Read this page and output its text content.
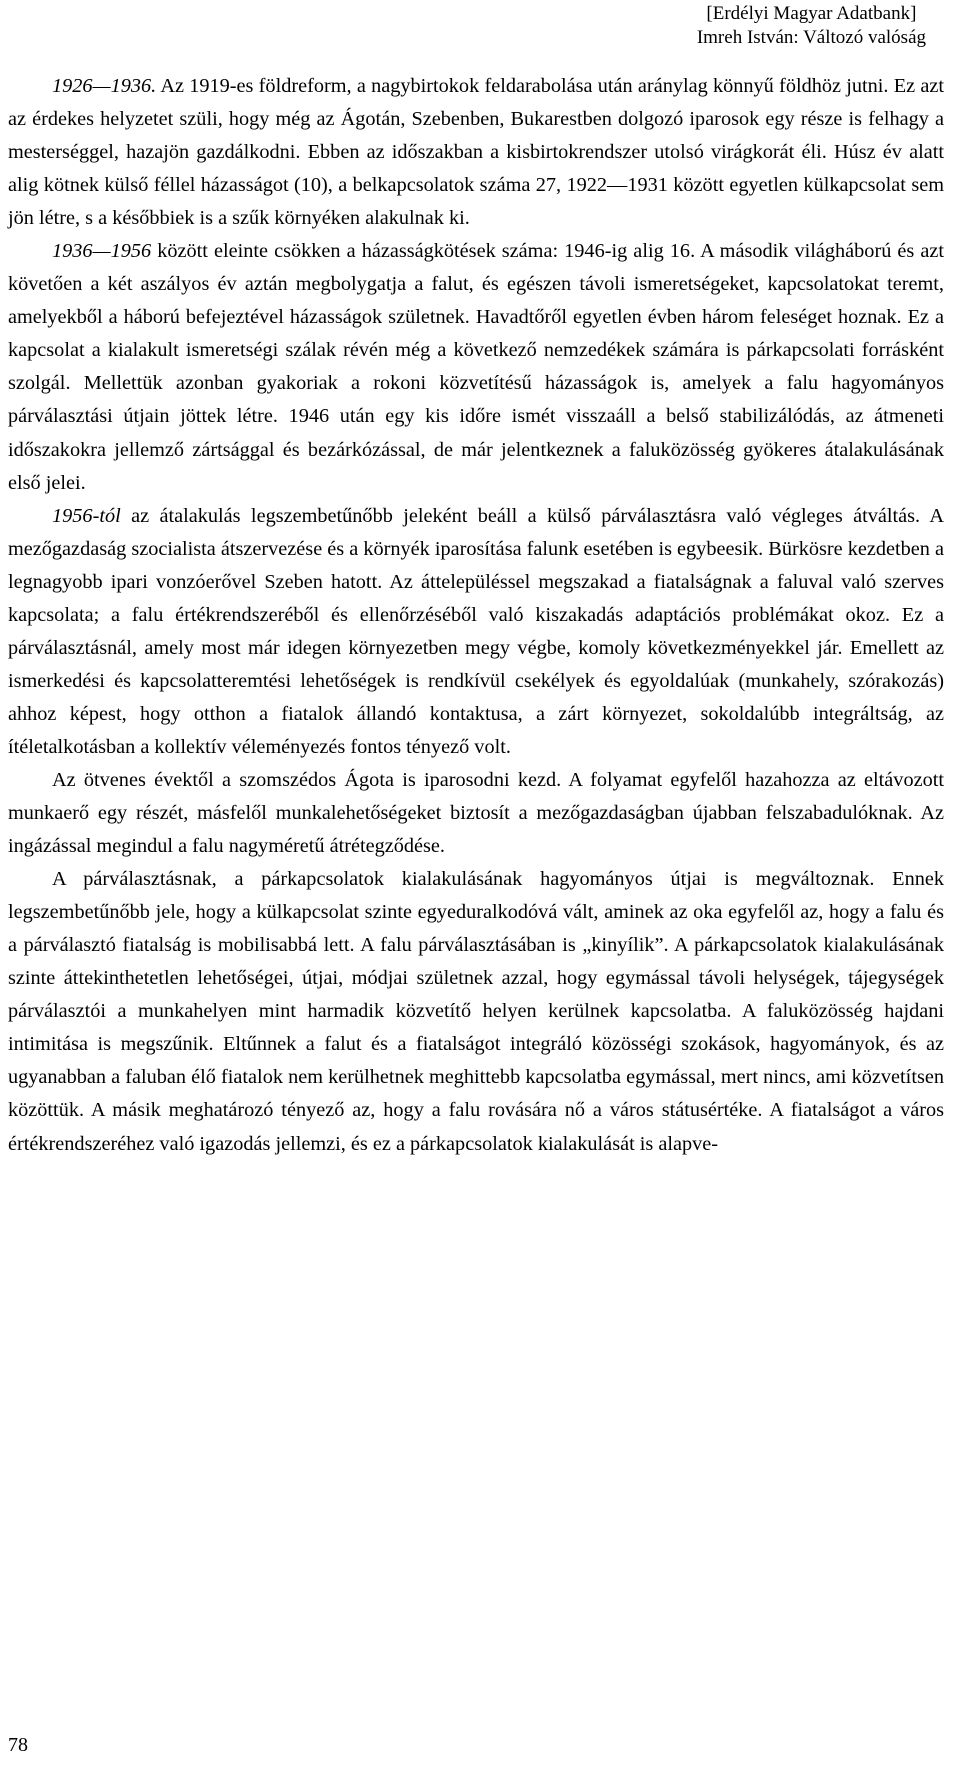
[Erdélyi Magyar Adatbank]
Imreh István: Változó valóság

1926—1936. Az 1919-es földreform, a nagybirtokok feldarabolása után aránylag könnyű földhöz jutni. Ez azt az érdekes helyzetet szüli, hogy még az Ágotán, Szebenben, Bukarestben dolgozó iparosok egy része is felhagy a mesterséggel, hazajön gazdálkodni. Ebben az időszakban a kisbirtokrendszer utolsó virágkorát éli. Húsz év alatt alig kötnek külső féllel házasságot (10), a belkapcsolatok száma 27, 1922—1931 között egyetlen külkapcsolat sem jön létre, s a későbbiek is a szűk környéken alakulnak ki.

1936—1956 között eleinte csökken a házasságkötések száma: 1946-ig alig 16. A második világháború és azt követően a két aszályos év aztán megbolygatja a falut, és egészen távoli ismeretségeket, kapcsolatokat teremt, amelyekből a háború befejeztével házasságok születnek. Havadtőről egyetlen évben három feleséget hoznak. Ez a kapcsolat a kialakult ismeretségi szálak révén még a következő nemzedékek számára is párkapcsolati forrásként szolgál. Mellettük azonban gyakoriak a rokoni közvetítésű házasságok is, amelyek a falu hagyományos párválasztási útjain jöttek létre. 1946 után egy kis időre ismét visszaáll a belső stabilizálódás, az átmeneti időszakokra jellemző zártsággal és bezárkózással, de már jelentkeznek a faluközösség gyökeres átalakulásának első jelei.

1956-tól az átalakulás legszembetűnőbb jeleként beáll a külső párválasztásra való végleges átváltás. A mezőgazdaság szocialista átszervezése és a környék iparosítása falunk esetében is egybeesik. Bürkösre kezdetben a legnagyobb ipari vonzóerővel Szeben hatott. Az áttelepüléssel megszakad a fiatalságnak a faluval való szerves kapcsolata; a falu értékrendszeréből és ellenőrzéséből való kiszakadás adaptációs problémákat okoz. Ez a párválasztásnál, amely most már idegen környezetben megy végbe, komoly következményekkel jár. Emellett az ismerkedési és kapcsolatteremtési lehetőségek is rendkívül csekélyek és egyoldalúak (munkahely, szórakozás) ahhoz képest, hogy otthon a fiatalok állandó kontaktusa, a zárt környezet, sokoldalúbb integráltság, az ítéletalkotásban a kollektív véleményezés fontos tényező volt.

Az ötvenes évektől a szomszédos Ágota is iparosodni kezd. A folyamat egyfelől hazahozza az eltávozott munkaerő egy részét, másfelől munkalehetőségeket biztosít a mezőgazdaságban újabban felszabadulóknak. Az ingázással megindul a falu nagyméretű átrétegződése.

A párválasztásnak, a párkapcsolatok kialakulásának hagyományos útjai is megváltoznak. Ennek legszembetűnőbb jele, hogy a külkapcsolat szinte egyeduralkodóvá vált, aminek az oka egyfelől az, hogy a falu és a párválasztó fiatalság is mobilisabbá lett. A falu párválasztásában is „kinyílik”. A párkapcsolatok kialakulásának szinte áttekinthetetlen lehetőségei, útjai, módjai születnek azzal, hogy egymással távoli helységek, tájegységek párválasztói a munkahelyen mint harmadik közvetítő helyen kerülnek kapcsolatba. A faluközösség hajdani intimitása is megszűnik. Eltűnnek a falut és a fiatalságot integráló közösségi szokások, hagyományok, és az ugyanabban a faluban élő fiatalok nem kerülhetnek meghittebb kapcsolatba egymással, mert nincs, ami közvetítsen közöttük. A másik meghatározó tényező az, hogy a falu rovására nő a város státusértéke. A fiatalságot a város értékrendszeréhez való igazodás jellemzi, és ez a párkapcsolatok kialakulását is alapve-

78
